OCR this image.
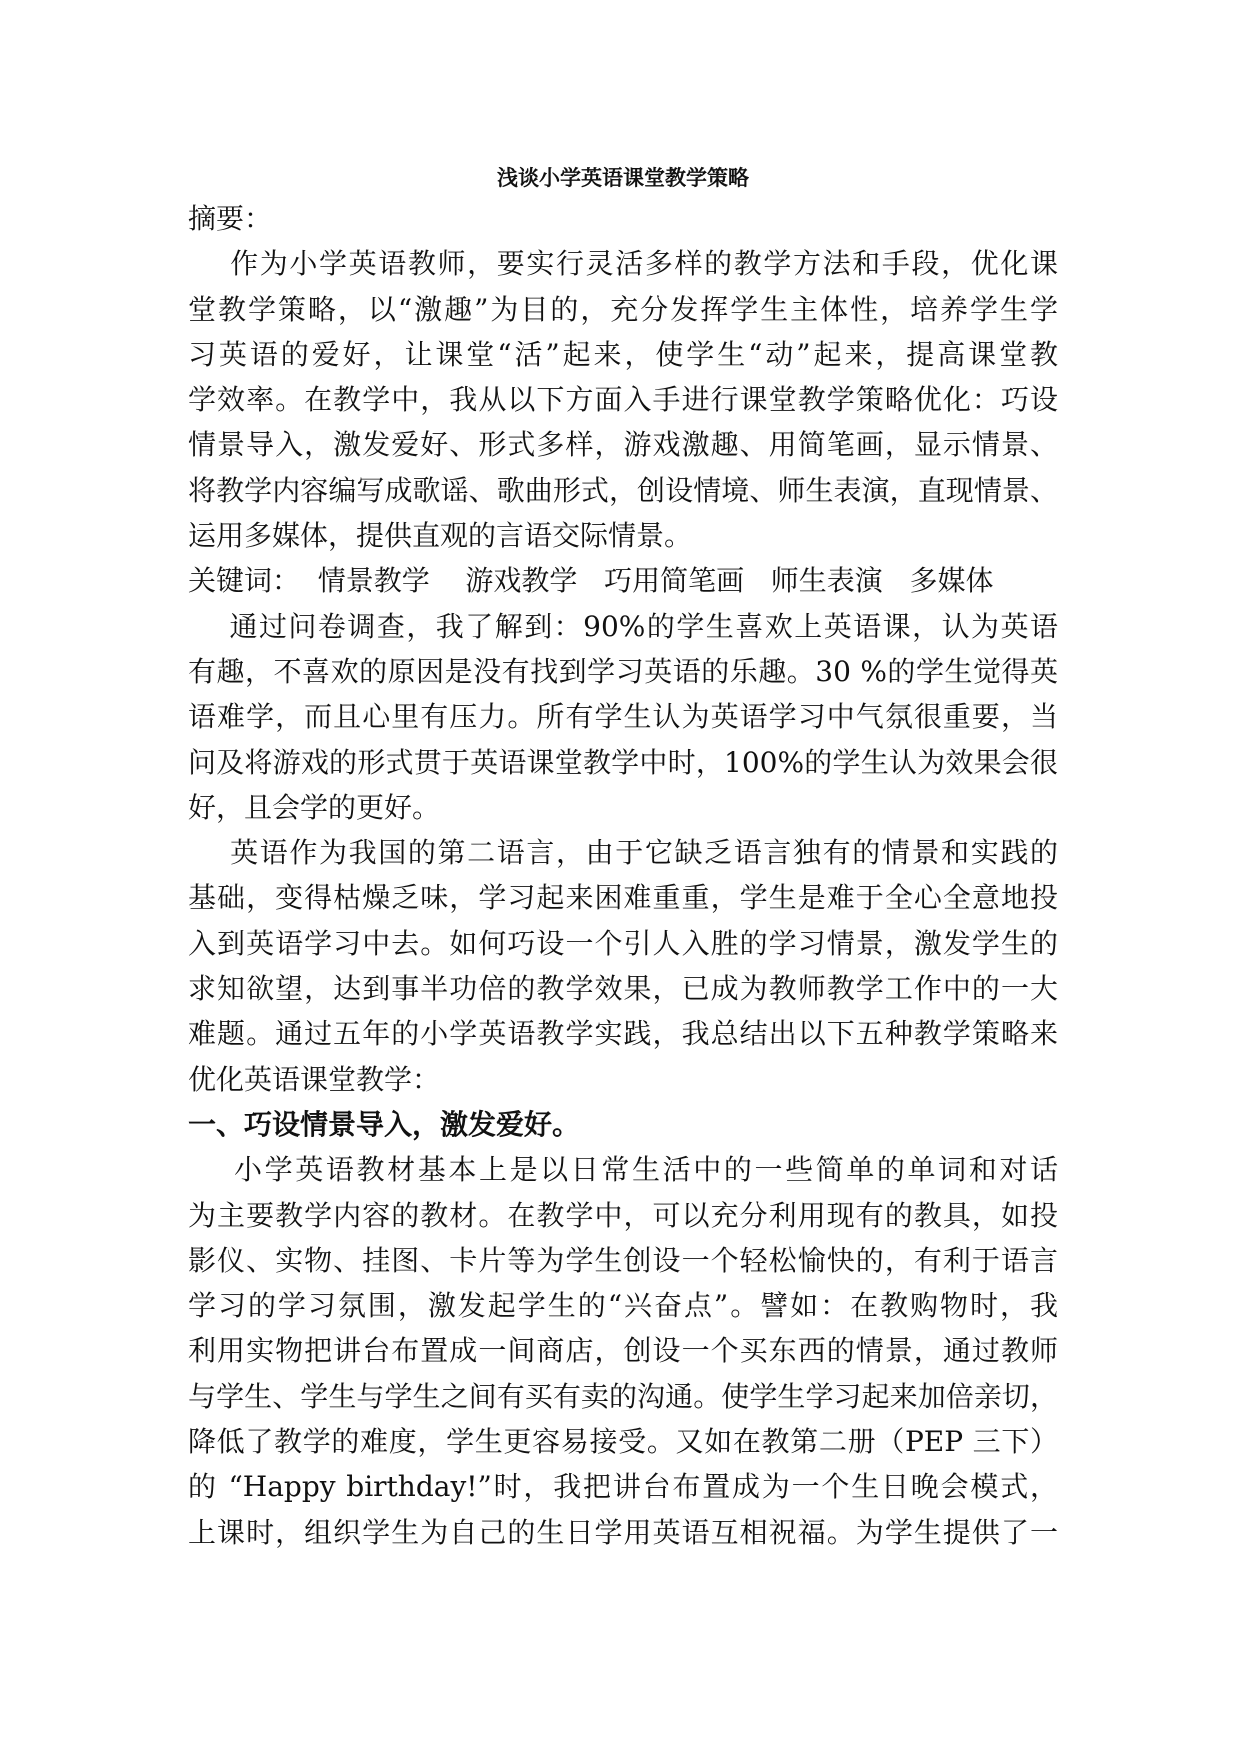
浅谈小学英语课堂教学策略
摘要：
作为小学英语教师，要实行灵活多样的教学方法和手段，优化课
堂教学策略，以“激趣”为目的，充分发挥学生主体性，培养学生学
习英语的爱好，让课堂“活”起来，使学生“动”起来，提高课堂教
学效率。在教学中，我从以下方面入手进行课堂教学策略优化：巧设
情景导入，激发爱好、形式多样，游戏激趣、用简笔画，显示情景、
将教学内容编写成歌谣、歌曲形式，创设情境、师生表演，直现情景、
运用多媒体，提供直观的言语交际情景。
关键词：  情景教学    游戏教学   巧用简笔画   师生表演   多媒体
通过问卷调查，我了解到：90%的学生喜欢上英语课，认为英语
有趣，不喜欢的原因是没有找到学习英语的乐趣。30 %的学生觉得英
语难学，而且心里有压力。所有学生认为英语学习中气氛很重要，当
问及将游戏的形式贯于英语课堂教学中时，100%的学生认为效果会很
好，且会学的更好。
英语作为我国的第二语言，由于它缺乏语言独有的情景和实践的
基础，变得枯燥乏味，学习起来困难重重，学生是难于全心全意地投
入到英语学习中去。如何巧设一个引人入胜的学习情景，激发学生的
求知欲望，达到事半功倍的教学效果，已成为教师教学工作中的一大
难题。通过五年的小学英语教学实践，我总结出以下五种教学策略来
优化英语课堂教学：
一、巧设情景导入，激发爱好。
小学英语教材基本上是以日常生活中的一些简单的单词和对话
为主要教学内容的教材。在教学中，可以充分利用现有的教具，如投
影仪、实物、挂图、卡片等为学生创设一个轻松愉快的，有利于语言
学习的学习氛围，激发起学生的“兴奋点”。譬如：在教购物时，我
利用实物把讲台布置成一间商店，创设一个买东西的情景，通过教师
与学生、学生与学生之间有买有卖的沟通。使学生学习起来加倍亲切，
降低了教学的难度，学生更容易接受。又如在教第二册（PEP 三下）
的 “Happy birthday!”时，我把讲台布置成为一个生日晚会模式，
上课时，组织学生为自己的生日学用英语互相祝福。为学生提供了一
